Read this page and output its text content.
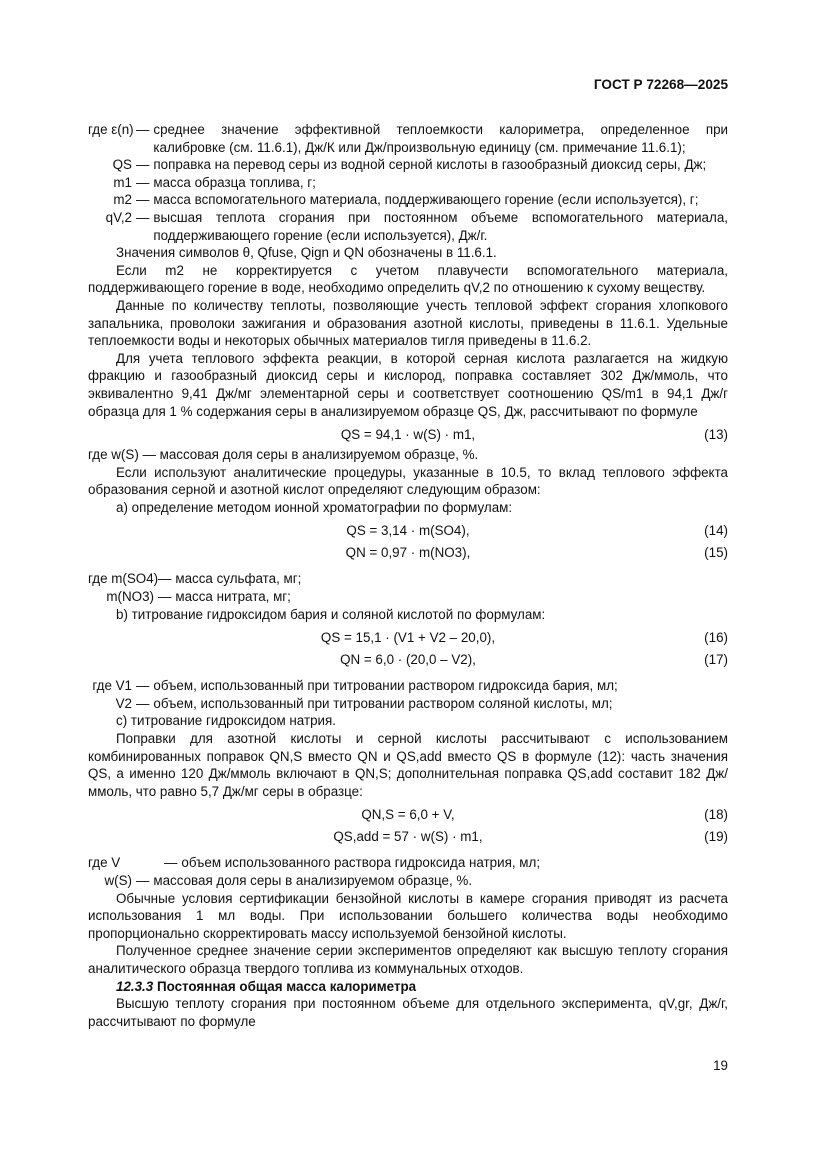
ГОСТ Р 72268—2025
где ε(n) — среднее значение эффективной теплоемкости калориметра, определенное при калибровке (см. 11.6.1), Дж/К или Дж/произвольную единицу (см. примечание 11.6.1);
QS — поправка на перевод серы из водной серной кислоты в газообразный диоксид серы, Дж;
m1 — масса образца топлива, г;
m2 — масса вспомогательного материала, поддерживающего горение (если используется), г;
qV,2 — высшая теплота сгорания при постоянном объеме вспомогательного материала, поддерживающего горение (если используется), Дж/г.

Значения символов θ, Qfuse, Qign и QN обозначены в 11.6.1.

Если m2 не корректируется с учетом плавучести вспомогательного материала, поддерживающего горение в воде, необходимо определить qV,2 по отношению к сухому веществу.

Данные по количеству теплоты, позволяющие учесть тепловой эффект сгорания хлопкового запальника, проволоки зажигания и образования азотной кислоты, приведены в 11.6.1. Удельные теплоемкости воды и некоторых обычных материалов тигля приведены в 11.6.2.

Для учета теплового эффекта реакции, в которой серная кислота разлагается на жидкую фракцию и газообразный диоксид серы и кислород, поправка составляет 302 Дж/ммоль, что эквивалентно 9,41 Дж/мг элементарной серы и соответствует соотношению QS/m1 в 94,1 Дж/г образца для 1 % содержания серы в анализируемом образце QS, Дж, рассчитывают по формуле

QS = 94,1 · w(S) · m1,	(13)
где w(S) — массовая доля серы в анализируемом образце, %.

Если используют аналитические процедуры, указанные в 10.5, то вклад теплового эффекта образования серной и азотной кислот определяют следующим образом:

a) определение методом ионной хроматографии по формулам:

QS = 3,14 · m(SO4),	(14)
QN = 0,97 · m(NO3),	(15)
где m(SO4) — масса сульфата, мг;
m(NO3) — масса нитрата, мг;

b) титрование гидроксидом бария и соляной кислотой по формулам:

QS = 15,1 · (V1 + V2 – 20,0),	(16)
QN = 6,0 · (20,0 – V2),	(17)
где V1 — объем, использованный при титровании раствором гидроксида бария, мл;
V2 — объем, использованный при титровании раствором соляной кислоты, мл;

c) титрование гидроксидом натрия.

Поправки для азотной кислоты и серной кислоты рассчитывают с использованием комбинированных поправок QN,S вместо QN и QS,add вместо QS в формуле (12): часть значения QS, а именно 120 Дж/ммоль включают в QN,S; дополнительная поправка QS,add составит 182 Дж/ммоль, что равно 5,7 Дж/мг серы в образце:

QN,S = 6,0 + V,	(18)
QS,add = 57 · w(S) · m1,	(19)
где V	— объем использованного раствора гидроксида натрия, мл;
w(S) — массовая доля серы в анализируемом образце, %.

Обычные условия сертификации бензойной кислоты в камере сгорания приводят из расчета использования 1 мл воды. При использовании большего количества воды необходимо пропорционально скорректировать массу используемой бензойной кислоты.

Полученное среднее значение серии экспериментов определяют как высшую теплоту сгорания аналитического образца твердого топлива из коммунальных отходов.

12.3.3 Постоянная общая масса калориметра

Высшую теплоту сгорания при постоянном объеме для отдельного эксперимента, qV,gr, Дж/г, рассчитывают по формуле

19
